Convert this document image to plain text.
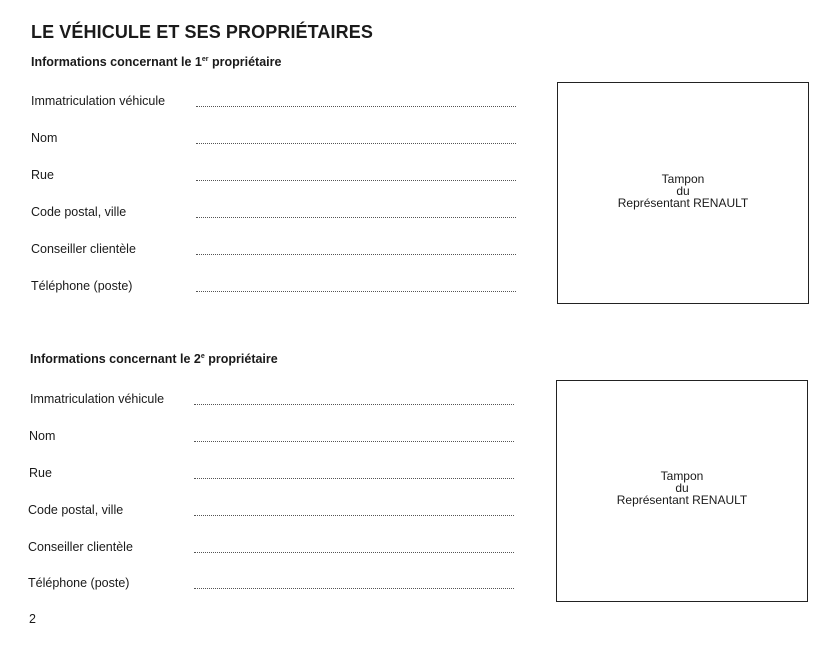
LE VÉHICULE ET SES PROPRIÉTAIRES
Informations concernant le 1er propriétaire
Immatriculation véhicule
Nom
Rue
Code postal, ville
Conseiller clientèle
Téléphone (poste)
Tampon
du
Représentant RENAULT
Informations concernant le 2e propriétaire
Immatriculation véhicule
Nom
Rue
Code postal, ville
Conseiller clientèle
Téléphone (poste)
Tampon
du
Représentant RENAULT
2
